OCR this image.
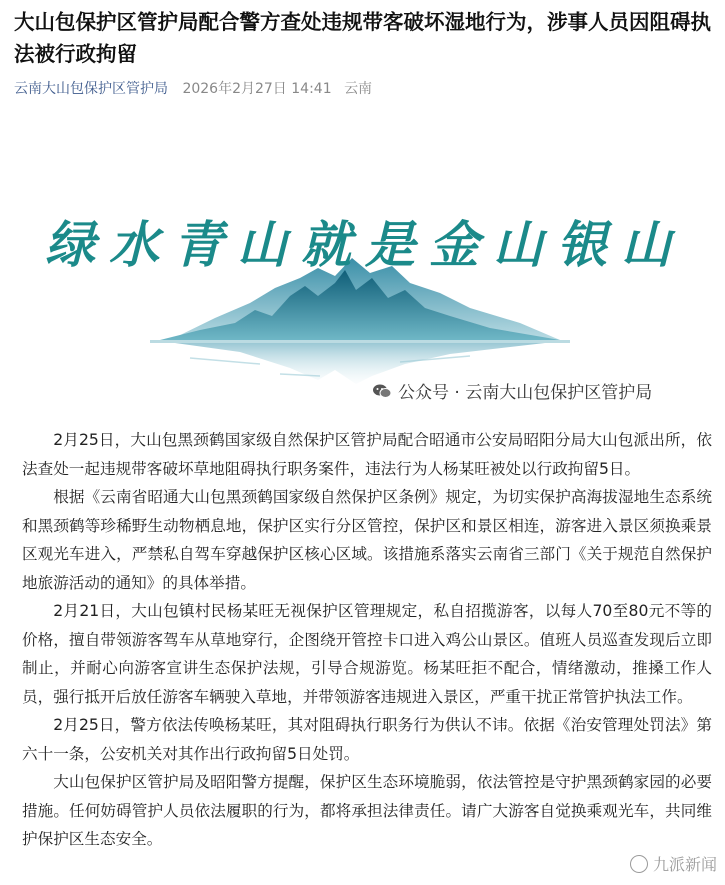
大山包保护区管护局配合警方查处违规带客破坏湿地行为，涉事人员因阻碍执法被行政拘留
云南大山包保护区管护局 2026年2月27日 14:41 云南
绿水青山就是金山银山
公众号 · 云南大山包保护区管护局

2月25日，大山包黑颈鹤国家级自然保护区管护局配合昭通市公安局昭阳分局大山包派出所，依法查处一起违规带客破坏草地阻碍执行职务案件，违法行为人杨某旺被处以行政拘留5日。

根据《云南省昭通大山包黑颈鹤国家级自然保护区条例》规定，为切实保护高海拔湿地生态系统和黑颈鹤等珍稀野生动物栖息地，保护区实行分区管控，保护区和景区相连，游客进入景区须换乘景区观光车进入，严禁私自驾车穿越保护区核心区域。该措施系落实云南省三部门《关于规范自然保护地旅游活动的通知》的具体举措。

2月21日，大山包镇村民杨某旺无视保护区管理规定，私自招揽游客，以每人70至80元不等的价格，擅自带领游客驾车从草地穿行，企图绕开管控卡口进入鸡公山景区。值班人员巡查发现后立即制止，并耐心向游客宣讲生态保护法规，引导合规游览。杨某旺拒不配合，情绪激动，推搡工作人员，强行抵开后放任游客车辆驶入草地，并带领游客违规进入景区，严重干扰正常管护执法工作。

2月25日，警方依法传唤杨某旺，其对阻碍执行职务行为供认不讳。依据《治安管理处罚法》第六十一条，公安机关对其作出行政拘留5日处罚。

大山包保护区管护局及昭阳警方提醒，保护区生态环境脆弱，依法管控是守护黑颈鹤家园的必要措施。任何妨碍管护人员依法履职的行为，都将承担法律责任。请广大游客自觉换乘观光车，共同维护保护区生态安全。

九派新闻
